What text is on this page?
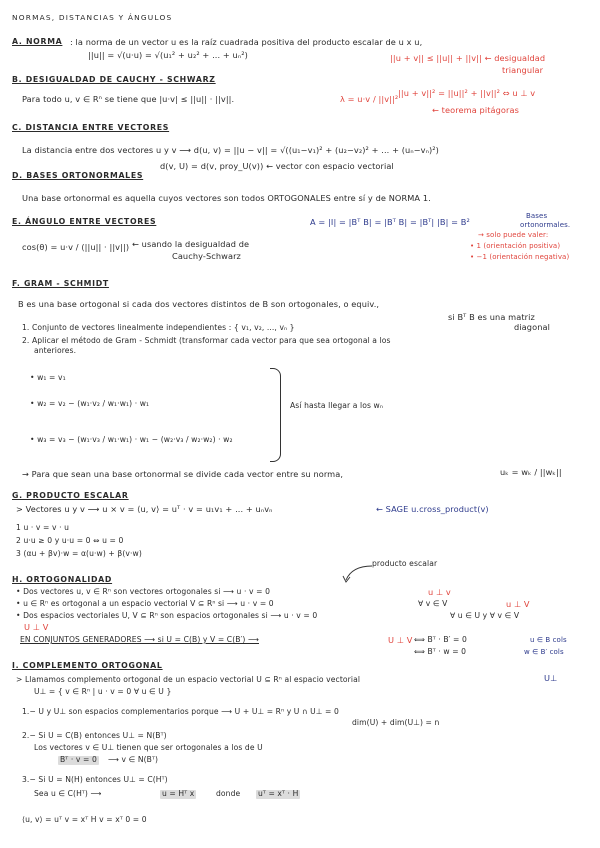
NORMAS, DISTANCIAS Y ÁNGULOS
A. NORMA : la norma de un vector u es la raíz cuadrada positiva del producto escalar de u x u,
||u|| = √(u·u) = √(u₁² + u₂² + ... + uₙ²)	||u + v|| ≤ ||u|| + ||v|| ← desigualdad
triangular
B. DESIGUALDAD DE CAUCHY - SCHWARZ
Para todo u, v ∈ Rⁿ se tiene que |u·v| ≤ ||u|| · ||v||.	λ = u·v / ||v||²
||u + v||² = ||u||² + ||v||² ⇔ u ⊥ v
← teorema pitágoras
C. DISTANCIA ENTRE VECTORES
La distancia entre dos vectores u y v ⟶ d(u, v) = ||u − v|| = √((u₁−v₁)² + (u₂−v₂)² + ... + (uₙ−vₙ)²)
d(v, U) = d(v, proy_U(v)) ← vector con espacio vectorial
D. BASES ORTONORMALES
Una base ortonormal es aquella cuyos vectores son todos ORTOGONALES entre sí y de NORMA 1.
E. ÁNGULO ENTRE VECTORES	A = |I| = |Bᵀ B| = |Bᵀ B| = |Bᵀ| |B| = B²
Bases
ortonormales.
→ solo puede valer:
• 1 (orientación positiva)
• −1 (orientación negativa)
cos(θ) = u·v / (||u|| · ||v||) ← usando la desigualdad de
Cauchy-Schwarz
F. GRAM - SCHMIDT
B es una base ortogonal si cada dos vectores distintos de B son ortogonales, o equiv.,
si Bᵀ B es una matriz
diagonal
1. Conjunto de vectores linealmente independientes : { v₁, v₂, ..., vₙ }
2. Aplicar el método de Gram - Schmidt (transformar cada vector para que sea ortogonal a los
anteriores.
• w₁ = v₁
• w₂ = v₂ − (w₁·v₂ / w₁·w₁) · w₁
• w₃ = v₃ − (w₁·v₃ / w₁·w₁) · w₁ − (w₂·v₃ / w₂·w₂) · w₂
Así hasta llegar a los wₙ
→ Para que sean una base ortonormal se divide cada vector entre su norma,	uₖ = wₖ / ||wₖ||
G. PRODUCTO ESCALAR
> Vectores u y v ⟶ u × v = ⟨u, v⟩ = uᵀ · v = u₁v₁ + ... + uₙvₙ	← SAGE u.cross_product(v)
1 u · v = v · u
2 u·u ≥ 0 y u·u = 0 ⇔ u = 0
3 (αu + βv)·w = α(u·w) + β(v·w)
H. ORTOGONALIDAD
producto escalar
• Dos vectores u, v ∈ Rⁿ son vectores ortogonales si ⟶ u · v = 0	u ⊥ v
• u ∈ Rⁿ es ortogonal a un espacio vectorial V ⊆ Rⁿ si ⟶ u · v = 0	∀ v ∈ V	u ⊥ V
• Dos espacios vectoriales U, V ⊆ Rⁿ son espacios ortogonales si ⟶ u · v = 0	∀ u ∈ U y ∀ v ∈ V
U ⊥ V
EN CONJUNTOS GENERADORES ⟶ si U = C(B) y V = C(B′) ⟶	U ⊥ V ⟺ Bᵀ · B′ = 0
⟺ Bᵀ · w = 0
u ∈ B cols
w ∈ B′ cols
I. COMPLEMENTO ORTOGONAL
> Llamamos complemento ortogonal de un espacio vectorial U ⊆ Rⁿ al espacio vectorial	U⊥
U⊥ = { v ∈ Rⁿ | u · v = 0 ∀ u ∈ U }
1.− U y U⊥ son espacios complementarios porque ⟶ U + U⊥ = Rⁿ y U ∩ U⊥ = 0
dim(U) + dim(U⊥) = n
2.− Si U = C(B) entonces U⊥ = N(Bᵀ)
Los vectores v ∈ U⊥ tienen que ser ortogonales a los de U
Bᵀ · v = 0 ⟶ v ∈ N(Bᵀ)
3.− Si U = N(H) entonces U⊥ = C(Hᵀ)
Sea u ∈ C(Hᵀ) ⟶	u = Hᵀ x	donde uᵀ = xᵀ · H
⟨u, v⟩ = uᵀ v = xᵀ H v = xᵀ 0 = 0
